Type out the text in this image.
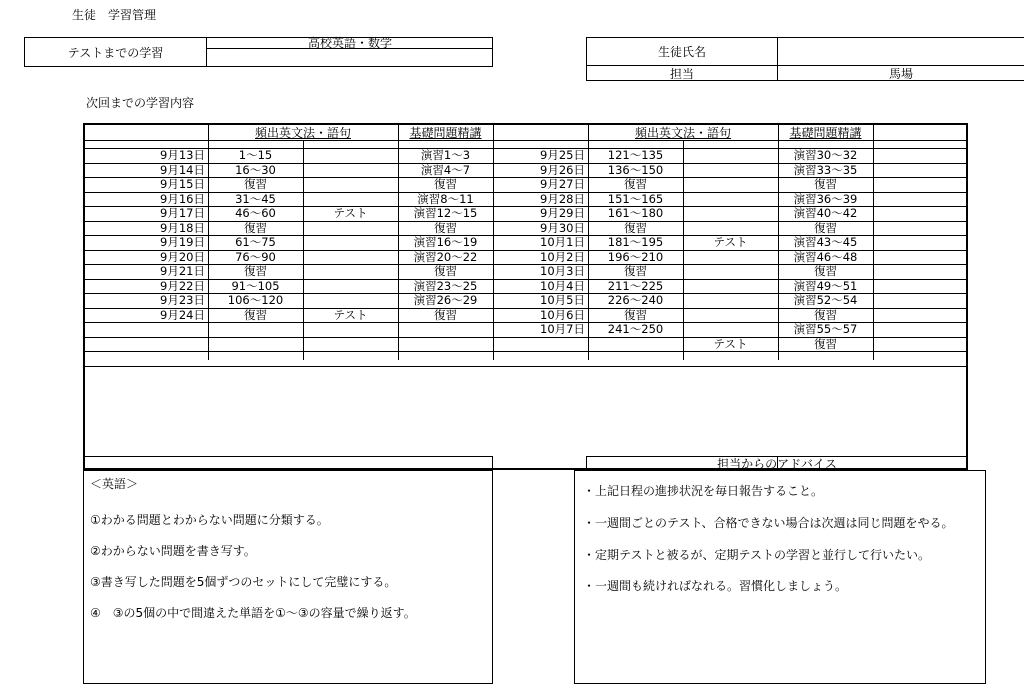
生徒　学習管理
テストまでの学習
高校英語・数学
生徒氏名
担当	馬場
次回までの学習内容
頻出英文法・語句	基礎問題精講	頻出英文法・語句	基礎問題精講
9月13日	1～15	演習1～3
9月14日	16～30	演習4～7
9月15日	復習	復習
9月16日	31～45	演習8～11
9月17日	46～60	テスト	演習12～15
9月18日	復習	復習
9月19日	61～75	演習16～19
9月20日	76～90	演習20～22
9月21日	復習	復習
9月22日	91～105	演習23～25
9月23日	106～120	演習26～29
9月24日	復習	テスト	復習
9月25日	121～135	演習30～32
9月26日	136～150	演習33～35
9月27日	復習	復習
9月28日	151～165	演習36～39
9月29日	161～180	演習40～42
9月30日	復習	復習
10月1日	181～195	テスト	演習43～45
10月2日	196～210	演習46～48
10月3日	復習	復習
10月4日	211～225	演習49～51
10月5日	226～240	演習52～54
10月6日	復習	復習
10月7日	241～250	演習55～57
テスト	復習
担当からのアドバイス
＜英語＞
①わかる問題とわからない問題に分類する。
②わからない問題を書き写す。
③書き写した問題を5個ずつのセットにして完璧にする。
④　③の5個の中で間違えた単語を①～③の容量で繰り返す。
・上記日程の進捗状況を毎日報告すること。
・一週間ごとのテスト、合格できない場合は次週は同じ問題をやる。
・定期テストと被るが、定期テストの学習と並行して行いたい。
・一週間も続ければなれる。習慣化しましょう。
